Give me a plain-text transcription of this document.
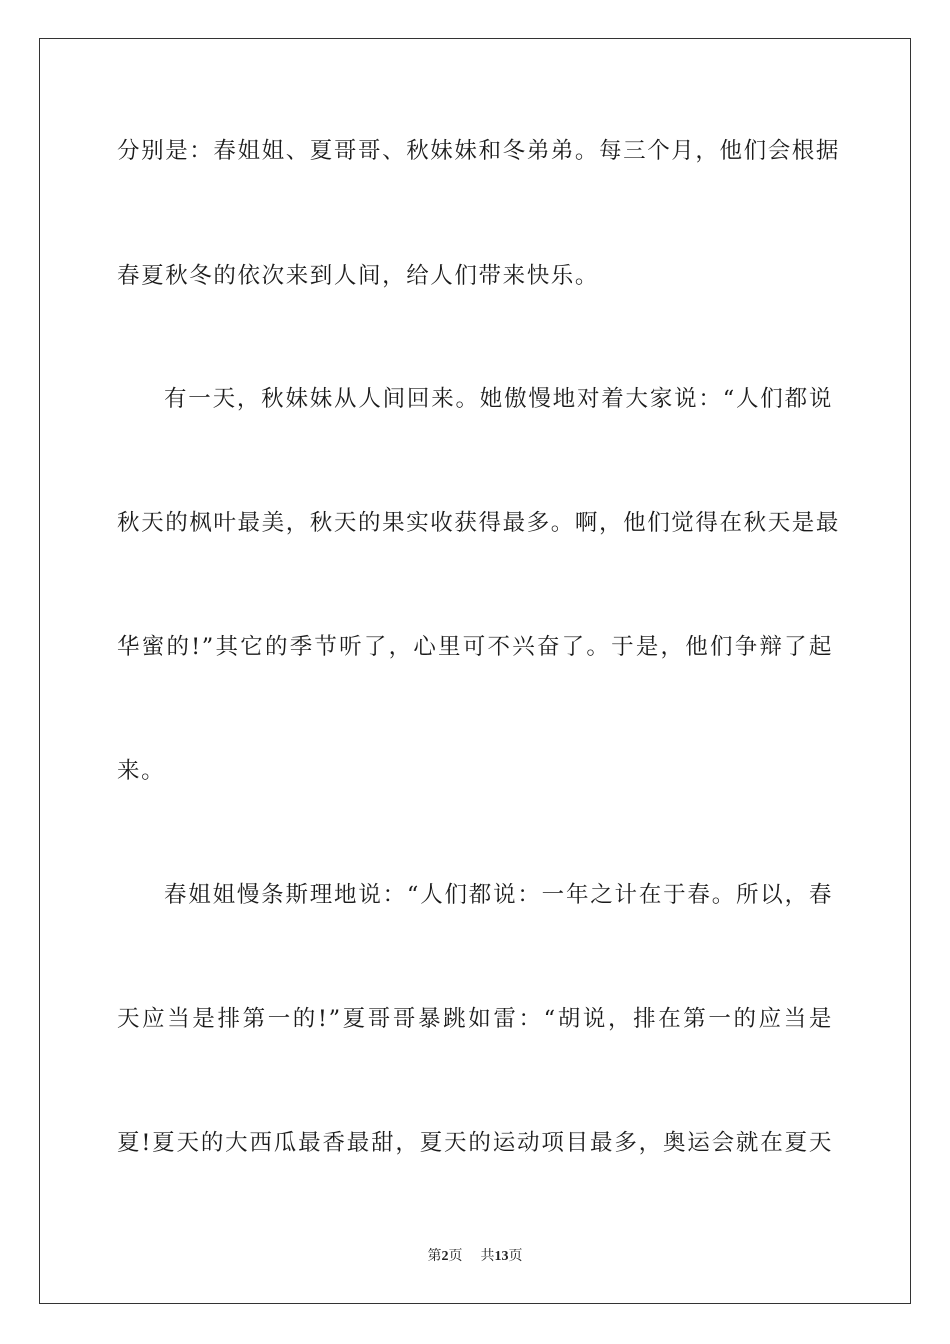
分别是：春姐姐、夏哥哥、秋妹妹和冬弟弟。每三个月，他们会根据
春夏秋冬的依次来到人间，给人们带来快乐。
有一天，秋妹妹从人间回来。她傲慢地对着大家说：“人们都说
秋天的枫叶最美，秋天的果实收获得最多。啊，他们觉得在秋天是最
华蜜的!”其它的季节听了，心里可不兴奋了。于是，他们争辩了起
来。
春姐姐慢条斯理地说：“人们都说：一年之计在于春。所以，春
天应当是排第一的!”夏哥哥暴跳如雷：“胡说，排在第一的应当是
夏!夏天的大西瓜最香最甜，夏天的运动项目最多，奥运会就在夏天
第2页 共13页
